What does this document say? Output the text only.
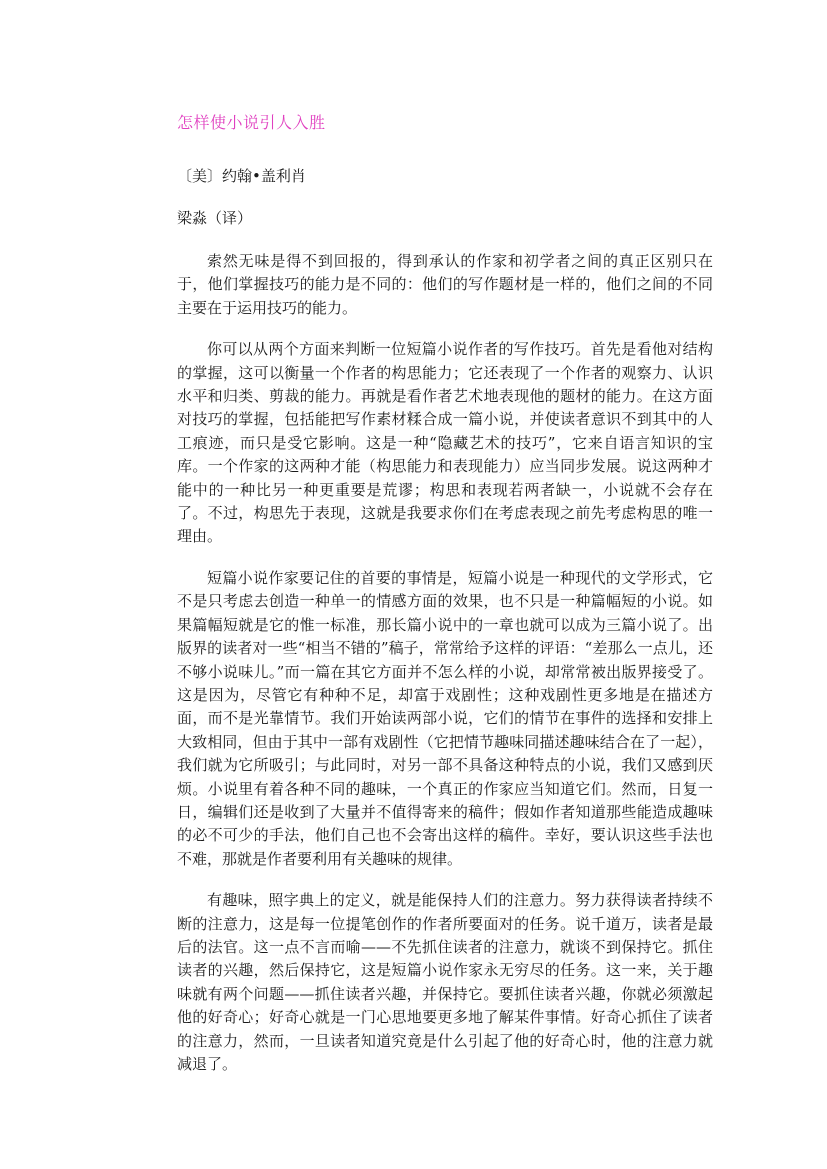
怎样使小说引人入胜
〔美〕约翰•盖利肖
梁淼（译）

索然无味是得不到回报的，得到承认的作家和初学者之间的真正区别只在于，他们掌握技巧的能力是不同的：他们的写作题材是一样的，他们之间的不同主要在于运用技巧的能力。

你可以从两个方面来判断一位短篇小说作者的写作技巧。首先是看他对结构的掌握，这可以衡量一个作者的构思能力；它还表现了一个作者的观察力、认识水平和归类、剪裁的能力。再就是看作者艺术地表现他的题材的能力。在这方面对技巧的掌握，包括能把写作素材糅合成一篇小说，并使读者意识不到其中的人工痕迹，而只是受它影响。这是一种“隐藏艺术的技巧”，它来自语言知识的宝库。一个作家的这两种才能（构思能力和表现能力）应当同步发展。说这两种才能中的一种比另一种更重要是荒谬；构思和表现若两者缺一，小说就不会存在了。不过，构思先于表现，这就是我要求你们在考虑表现之前先考虑构思的唯一理由。

短篇小说作家要记住的首要的事情是，短篇小说是一种现代的文学形式，它不是只考虑去创造一种单一的情感方面的效果，也不只是一种篇幅短的小说。如果篇幅短就是它的惟一标准，那长篇小说中的一章也就可以成为三篇小说了。出版界的读者对一些“相当不错的”稿子，常常给予这样的评语：“差那么一点儿，还不够小说味儿。”而一篇在其它方面并不怎么样的小说，却常常被出版界接受了。这是因为，尽管它有种种不足，却富于戏剧性；这种戏剧性更多地是在描述方面，而不是光靠情节。我们开始读两部小说，它们的情节在事件的选择和安排上大致相同，但由于其中一部有戏剧性（它把情节趣味同描述趣味结合在了一起），我们就为它所吸引；与此同时，对另一部不具备这种特点的小说，我们又感到厌烦。小说里有着各种不同的趣味，一个真正的作家应当知道它们。然而，日复一日，编辑们还是收到了大量并不值得寄来的稿件；假如作者知道那些能造成趣味的必不可少的手法，他们自己也不会寄出这样的稿件。幸好，要认识这些手法也不难，那就是作者要利用有关趣味的规律。

有趣味，照字典上的定义，就是能保持人们的注意力。努力获得读者持续不断的注意力，这是每一位提笔创作的作者所要面对的任务。说千道万，读者是最后的法官。这一点不言而喻——不先抓住读者的注意力，就谈不到保持它。抓住读者的兴趣，然后保持它，这是短篇小说作家永无穷尽的任务。这一来，关于趣味就有两个问题——抓住读者兴趣，并保持它。要抓住读者兴趣，你就必须激起他的好奇心；好奇心就是一门心思地要更多地了解某件事情。好奇心抓住了读者的注意力，然而，一旦读者知道究竟是什么引起了他的好奇心时，他的注意力就减退了。
